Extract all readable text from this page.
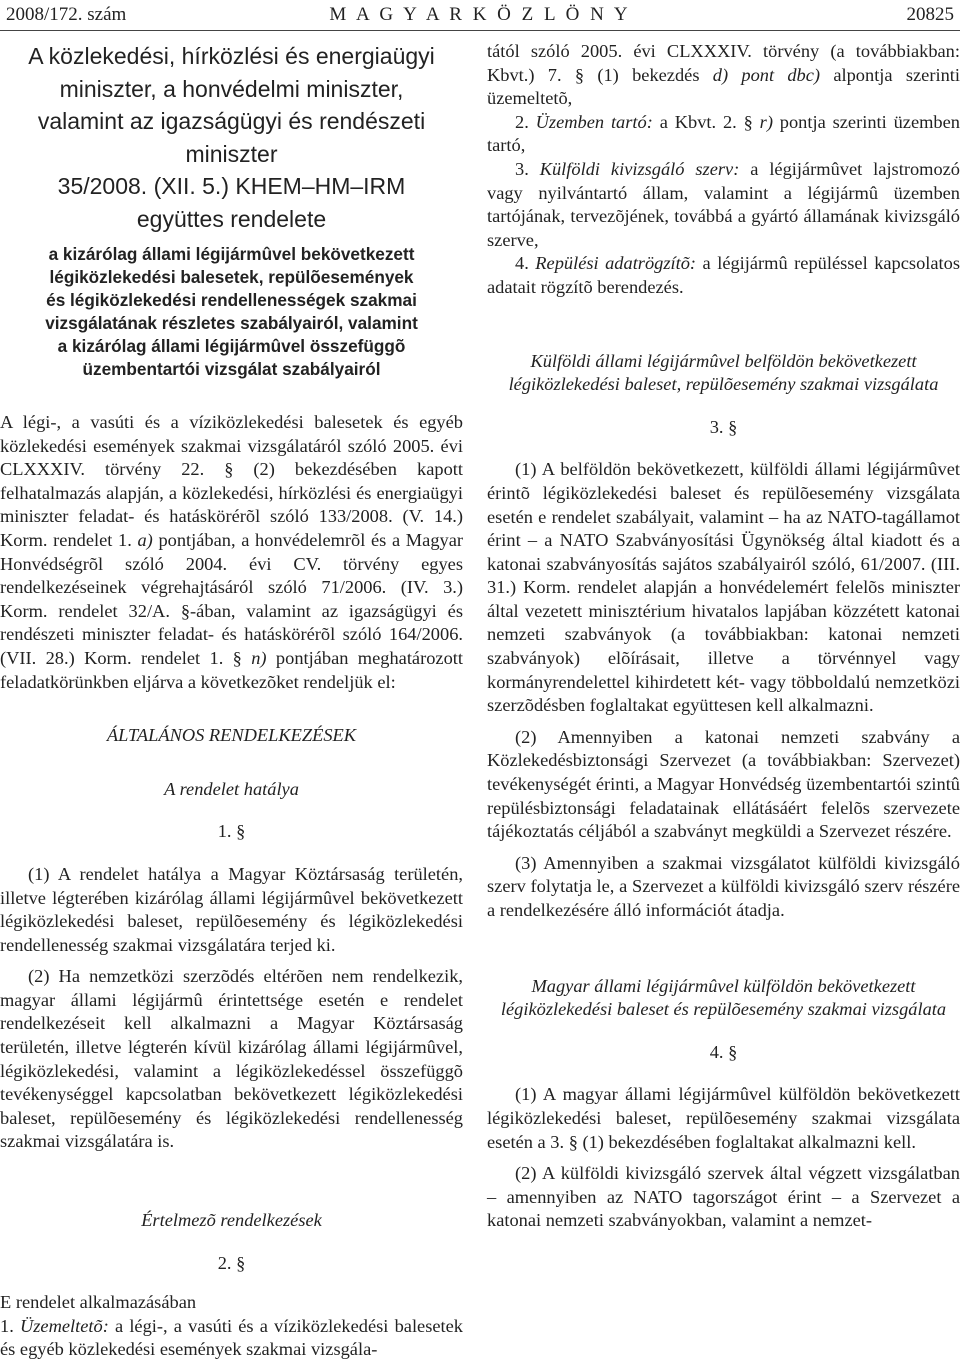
2008/172. szám	M A G Y A R K Ö Z L Ö N Y	20825
A közlekedési, hírközlési és energiaügyi
miniszter, a honvédelmi miniszter,
valamint az igazságügyi és rendészeti
miniszter
35/2008. (XII. 5.) KHEM–HM–IRM
együttes rendelete
a kizárólag állami légijármûvel bekövetkezett
légiközlekedési balesetek, repülõesemények
és légiközlekedési rendellenességek szakmai
vizsgálatának részletes szabályairól, valamint
a kizárólag állami légijármûvel összefüggõ
üzembentartói vizsgálat szabályairól

A légi-, a vasúti és a víziközlekedési balesetek és egyéb közlekedési események szakmai vizsgálatáról szóló 2005. évi CLXXXIV. törvény 22. § (2) bekezdésében kapott felhatalmazás alapján, a közlekedési, hírközlési és energiaügyi miniszter feladat- és hatáskörérõl szóló 133/2008. (V. 14.) Korm. rendelet 1. a) pontjában, a honvédelemrõl és a Magyar Honvédségrõl szóló 2004. évi CV. törvény egyes rendelkezéseinek végrehajtásáról szóló 71/2006. (IV. 3.) Korm. rendelet 32/A. §-ában, valamint az igazságügyi és rendészeti miniszter feladat- és hatáskörérõl szóló 164/2006. (VII. 28.) Korm. rendelet 1. § n) pontjában meghatározott feladatkörünkben eljárva a következõket rendeljük el:

ÁLTALÁNOS RENDELKEZÉSEK
A rendelet hatálya
1. §

(1) A rendelet hatálya a Magyar Köztársaság területén, illetve légterében kizárólag állami légijármûvel bekövetkezett légiközlekedési baleset, repülõesemény és légiközlekedési rendellenesség szakmai vizsgálatára terjed ki.

(2) Ha nemzetközi szerzõdés eltérõen nem rendelkezik, magyar állami légijármû érintettsége esetén e rendelet rendelkezéseit kell alkalmazni a Magyar Köztársaság területén, illetve légterén kívül kizárólag állami légijármûvel, légiközlekedési, valamint a légiközlekedéssel összefüggõ tevékenységgel kapcsolatban bekövetkezett légiközlekedési baleset, repülõesemény és légiközlekedési rendellenesség szakmai vizsgálatára is.

Értelmezõ rendelkezések
2. §

E rendelet alkalmazásában

1. Üzemeltetõ: a légi-, a vasúti és a víziközlekedési balesetek és egyéb közlekedési események szakmai vizsgála-

tától szóló 2005. évi CLXXXIV. törvény (a továbbiakban: Kbvt.) 7. § (1) bekezdés d) pont dbc) alpontja szerinti üzemeltetõ,

2. Üzemben tartó: a Kbvt. 2. § r) pontja szerinti üzemben tartó,

3. Külföldi kivizsgáló szerv: a légijármûvet lajstromozó vagy nyilvántartó állam, valamint a légijármû üzemben tartójának, tervezõjének, továbbá a gyártó államának kivizsgáló szerve,

4. Repülési adatrögzítõ: a légijármû repüléssel kapcsolatos adatait rögzítõ berendezés.

Külföldi állami légijármûvel belföldön bekövetkezett légiközlekedési baleset, repülõesemény szakmai vizsgálata
3. §

(1) A belföldön bekövetkezett, külföldi állami légijármûvet érintõ légiközlekedési baleset és repülõesemény vizsgálata esetén e rendelet szabályait, valamint – ha az NATO-tagállamot érint – a NATO Szabványosítási Ügynökség által kiadott és a katonai szabványosítás sajátos szabályairól szóló, 61/2007. (III. 31.) Korm. rendelet alapján a honvédelemért felelõs miniszter által vezetett minisztérium hivatalos lapjában közzétett katonai nemzeti szabványok (a továbbiakban: katonai nemzeti szabványok) elõírásait, illetve a törvénnyel vagy kormányrendelettel kihirdetett két- vagy többoldalú nemzetközi szerzõdésben foglaltakat együttesen kell alkalmazni.

(2) Amennyiben a katonai nemzeti szabvány a Közlekedésbiztonsági Szervezet (a továbbiakban: Szervezet) tevékenységét érinti, a Magyar Honvédség üzembentartói szintû repülésbiztonsági feladatainak ellátásáért felelõs szervezete tájékoztatás céljából a szabványt megküldi a Szervezet részére.

(3) Amennyiben a szakmai vizsgálatot külföldi kivizsgáló szerv folytatja le, a Szervezet a külföldi kivizsgáló szerv részére a rendelkezésére álló információt átadja.

Magyar állami légijármûvel külföldön bekövetkezett légiközlekedési baleset és repülõesemény szakmai vizsgálata
4. §

(1) A magyar állami légijármûvel külföldön bekövetkezett légiközlekedési baleset, repülõesemény szakmai vizsgálata esetén a 3. § (1) bekezdésében foglaltakat alkalmazni kell.

(2) A külföldi kivizsgáló szervek által végzett vizsgálatban – amennyiben az NATO tagországot érint – a Szervezet a katonai nemzeti szabványokban, valamint a nemzet-
